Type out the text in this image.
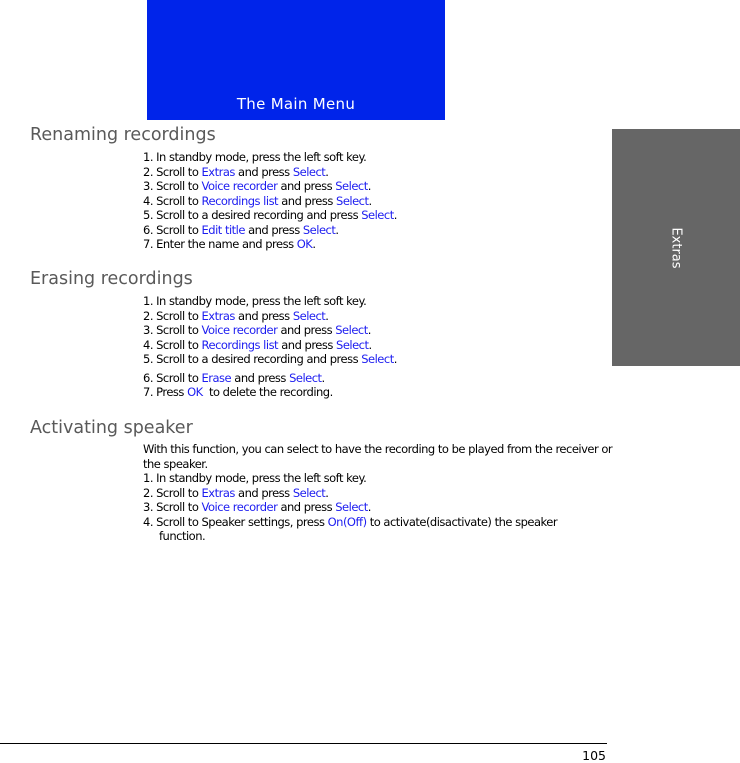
The Main Menu
Extras
Renaming recordings
1. In standby mode, press the left soft key.
2. Scroll to Extras and press Select.
3. Scroll to Voice recorder and press Select.
4. Scroll to Recordings list and press Select.
5. Scroll to a desired recording and press Select.
6. Scroll to Edit title and press Select.
7. Enter the name and press OK.
Erasing recordings
1. In standby mode, press the left soft key.
2. Scroll to Extras and press Select.
3. Scroll to Voice recorder and press Select.
4. Scroll to Recordings list and press Select.
5. Scroll to a desired recording and press Select.
6. Scroll to Erase and press Select.
7. Press OK  to delete the recording.
Activating speaker

With this function, you can select to have the recording to be played from the receiver or the speaker.

1. In standby mode, press the left soft key.
2. Scroll to Extras and press Select.
3. Scroll to Voice recorder and press Select.
4. Scroll to Speaker settings, press On(Off) to activate(disactivate) the speaker
function.
105
